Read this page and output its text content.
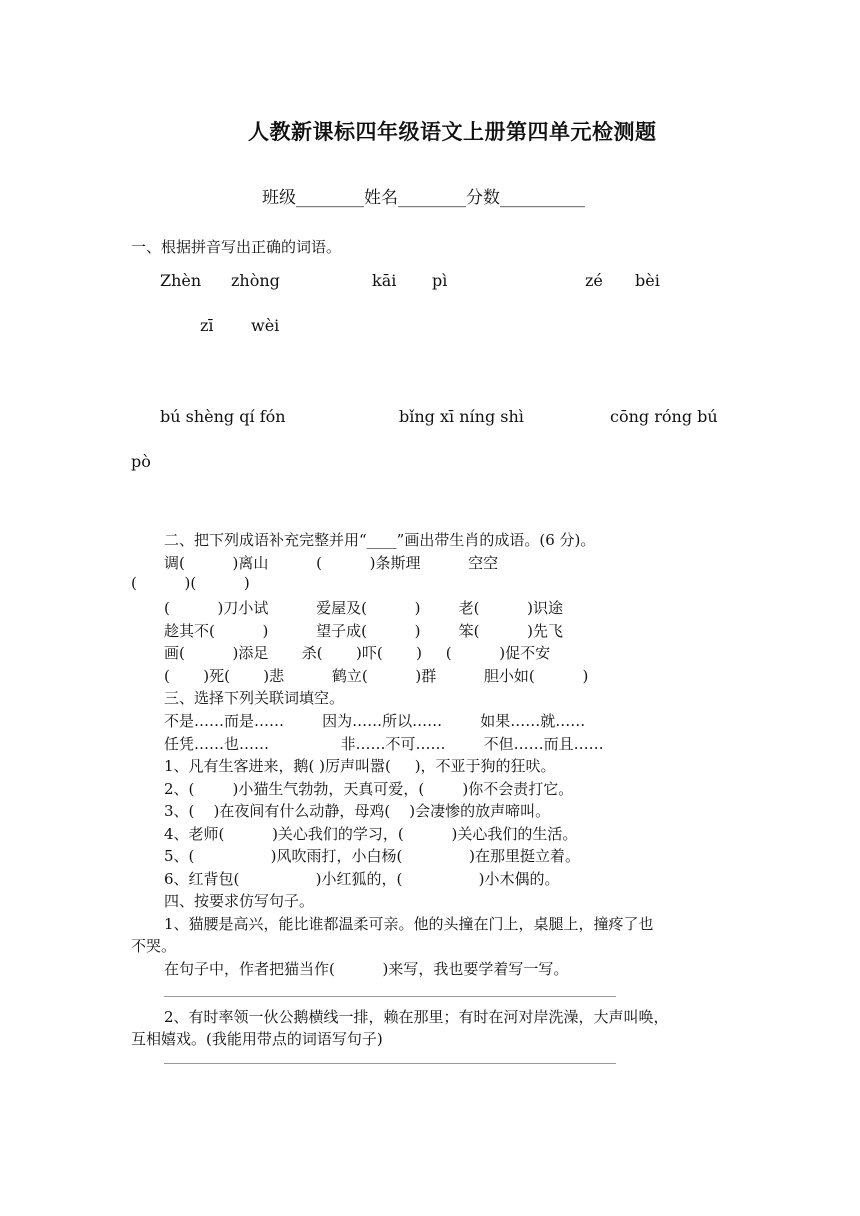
人教新课标四年级语文上册第四单元检测题
班级________姓名________分数__________
一、根据拼音写出正确的词语。
Zhèn zhòng	kāi pì	zé bèi
zī wèi
bú shèng qí fón	bǐng xī níng shì	cōng róng bú
pò
二、把下列成语补充完整并用“____”画出带生肖的成语。(6 分)。
调(          )离山          (          )条斯理          空空
(          )(          )
(          )刀小试          爱屋及(          )        老(          )识途
趁其不(          )          望子成(          )        笨(          )先飞
画(          )添足       杀(       )吓(       )     (          )促不安
(       )死(       )悲          鹤立(          )群          胆小如(          )
三、选择下列关联词填空。
不是……而是……        因为……所以……        如果……就……
任凭……也……               非……不可……        不但……而且……
1、凡有生客进来，鹅( )厉声叫嚣(     )，不亚于狗的狂吠。
2、(        )小猫生气勃勃，天真可爱，(        )你不会责打它。
3、(    )在夜间有什么动静，母鸡(    )会凄惨的放声啼叫。
4、老师(          )关心我们的学习，(          )关心我们的生活。
5、(                )风吹雨打，小白杨(              )在那里挺立着。
6、红背包(                )小红狐的，(                )小木偶的。
四、按要求仿写句子。
1、猫腰是高兴，能比谁都温柔可亲。他的头撞在门上，桌腿上，撞疼了也
不哭。
在句子中，作者把猫当作(          )来写，我也要学着写一写。
2、有时率领一伙公鹅横线一排，赖在那里；有时在河对岸洗澡，大声叫唤，
互相嬉戏。(我能用带点的词语写句子)
